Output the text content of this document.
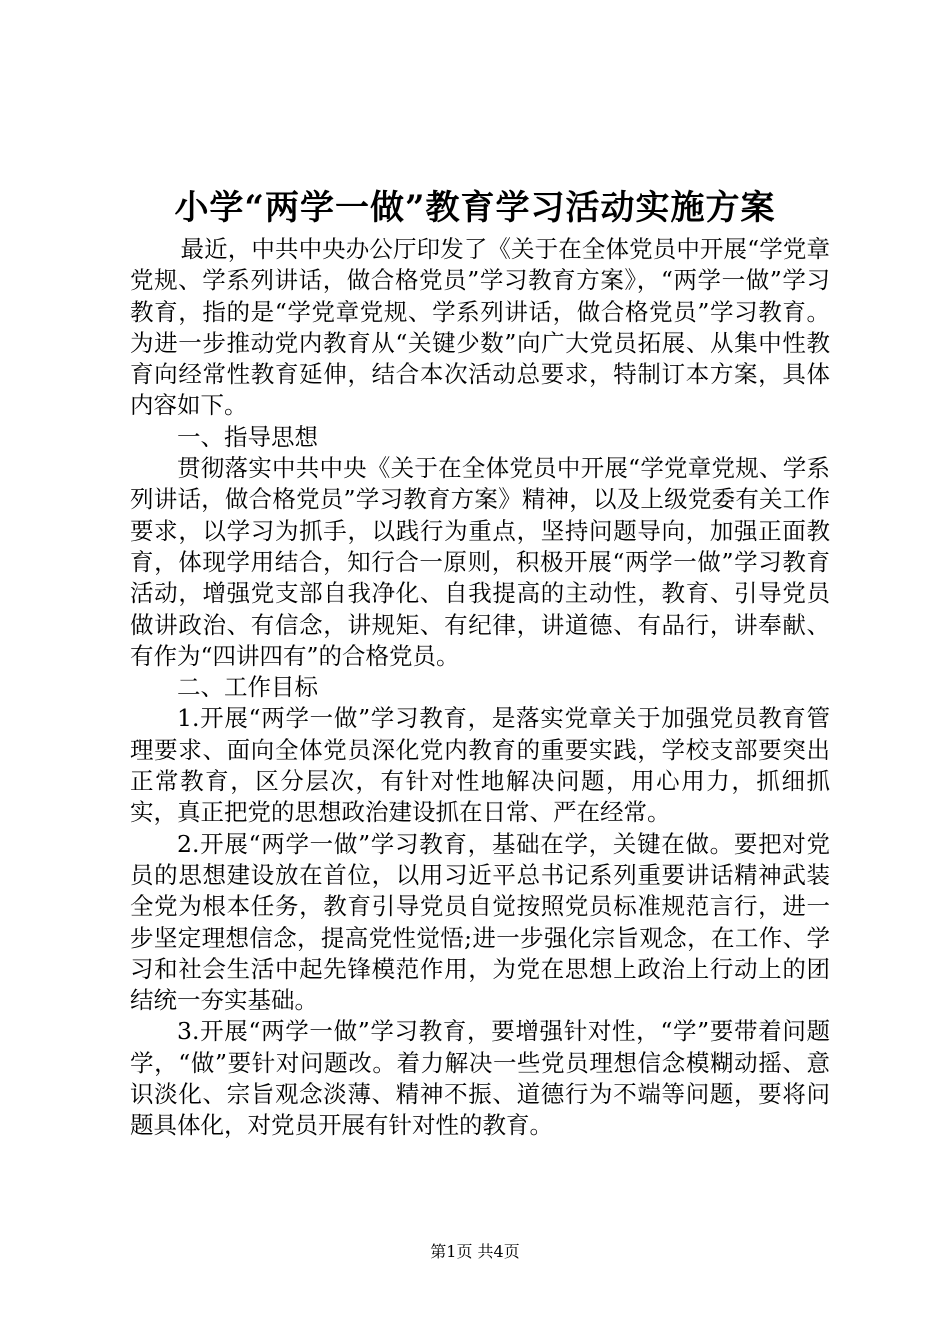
小学“两学一做”教育学习活动实施方案

最近，中共中央办公厅印发了《关于在全体党员中开展“学党章党规、学系列讲话，做合格党员”学习教育方案》，“两学一做”学习教育，指的是“学党章党规、学系列讲话，做合格党员”学习教育。为进一步推动党内教育从“关键少数”向广大党员拓展、从集中性教育向经常性教育延伸，结合本次活动总要求，特制订本方案，具体内容如下。

一、指导思想

贯彻落实中共中央《关于在全体党员中开展“学党章党规、学系列讲话，做合格党员”学习教育方案》精神，以及上级党委有关工作要求，以学习为抓手，以践行为重点，坚持问题导向，加强正面教育，体现学用结合，知行合一原则，积极开展“两学一做”学习教育活动，增强党支部自我净化、自我提高的主动性，教育、引导党员做讲政治、有信念，讲规矩、有纪律，讲道德、有品行，讲奉献、有作为“四讲四有”的合格党员。

二、工作目标

1.开展“两学一做”学习教育，是落实党章关于加强党员教育管理要求、面向全体党员深化党内教育的重要实践，学校支部要突出正常教育，区分层次，有针对性地解决问题，用心用力，抓细抓实，真正把党的思想政治建设抓在日常、严在经常。

2.开展“两学一做”学习教育，基础在学，关键在做。要把对党员的思想建设放在首位，以用习近平总书记系列重要讲话精神武装全党为根本任务，教育引导党员自觉按照党员标准规范言行，进一步坚定理想信念，提高党性觉悟;进一步强化宗旨观念，在工作、学习和社会生活中起先锋模范作用，为党在思想上政治上行动上的团结统一夯实基础。

3.开展“两学一做”学习教育，要增强针对性，“学”要带着问题学，“做”要针对问题改。着力解决一些党员理想信念模糊动摇、意识淡化、宗旨观念淡薄、精神不振、道德行为不端等问题，要将问题具体化，对党员开展有针对性的教育。

第1页 共4页
